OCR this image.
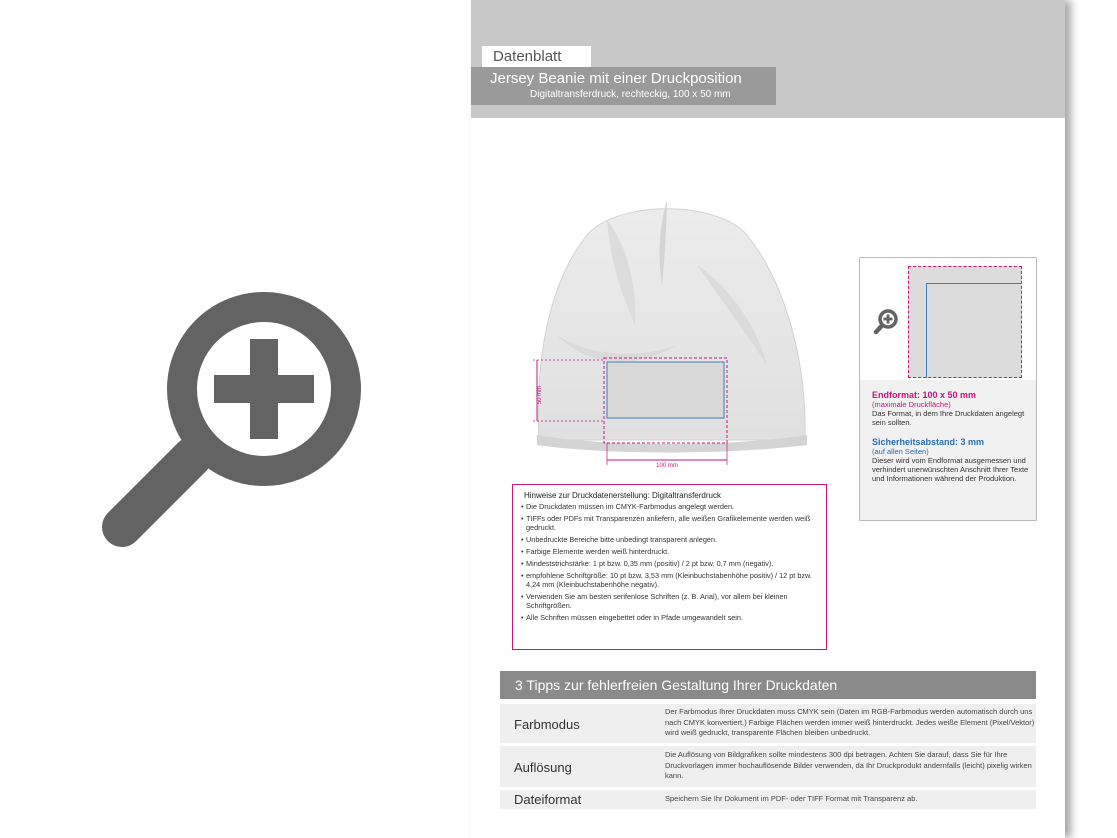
Datenblatt
Jersey Beanie mit einer Druckposition
Digitaltransferdruck, rechteckig, 100 x 50 mm
50 mm
100 mm
Endformat: 100 x 50 mm
(maximale Druckfläche)
Das Format, in dem Ihre Druckdaten angelegt sein sollten.
Sicherheitsabstand: 3 mm
(auf allen Seiten)
Dieser wird vom Endformat ausgemessen und verhindert unerwünschten Anschnitt Ihrer Texte und Informationen während der Produktion.
Hinweise zur Druckdatenerstellung: Digitaltransferdruck
• Die Druckdaten müssen im CMYK-Farbmodus angelegt werden.
• TIFFs oder PDFs mit Transparenzen anliefern, alle weißen Grafikelemente werden weiß gedruckt.
• Unbedruckte Bereiche bitte unbedingt transparent anlegen.
• Farbige Elemente werden weiß hinterdruckt.
• Mindeststrichstärke: 1 pt bzw. 0,35 mm (positiv) / 2 pt bzw. 0,7 mm (negativ).
• empfohlene Schriftgröße: 10 pt bzw. 3,53 mm (Kleinbuchstabenhöhe positiv) / 12 pt bzw. 4,24 mm (Kleinbuchstabenhöhe negativ).
• Verwenden Sie am besten serifenlose Schriften (z. B. Arial), vor allem bei kleinen Schriftgrößen.
• Alle Schriften müssen eingebettet oder in Pfade umgewandelt sein.
3 Tipps zur fehlerfreien Gestaltung Ihrer Druckdaten
Farbmodus
Der Farbmodus Ihrer Druckdaten muss CMYK sein (Daten im RGB-Farbmodus werden automatisch durch uns nach CMYK konvertiert.) Farbige Flächen werden immer weiß hinterdruckt. Jedes weiße Element (Pixel/Vektor) wird weiß gedruckt, transparente Flächen bleiben unbedruckt.
Auflösung
Die Auflösung von Bildgrafiken sollte mindestens 300 dpi betragen. Achten Sie darauf, dass Sie für Ihre Druckvorlagen immer hochauflösende Bilder verwenden, da Ihr Druckprodukt andernfalls (leicht) pixelig wirken kann.
Dateiformat	Speichern Sie Ihr Dokument im PDF- oder TIFF Format mit Transparenz ab.
